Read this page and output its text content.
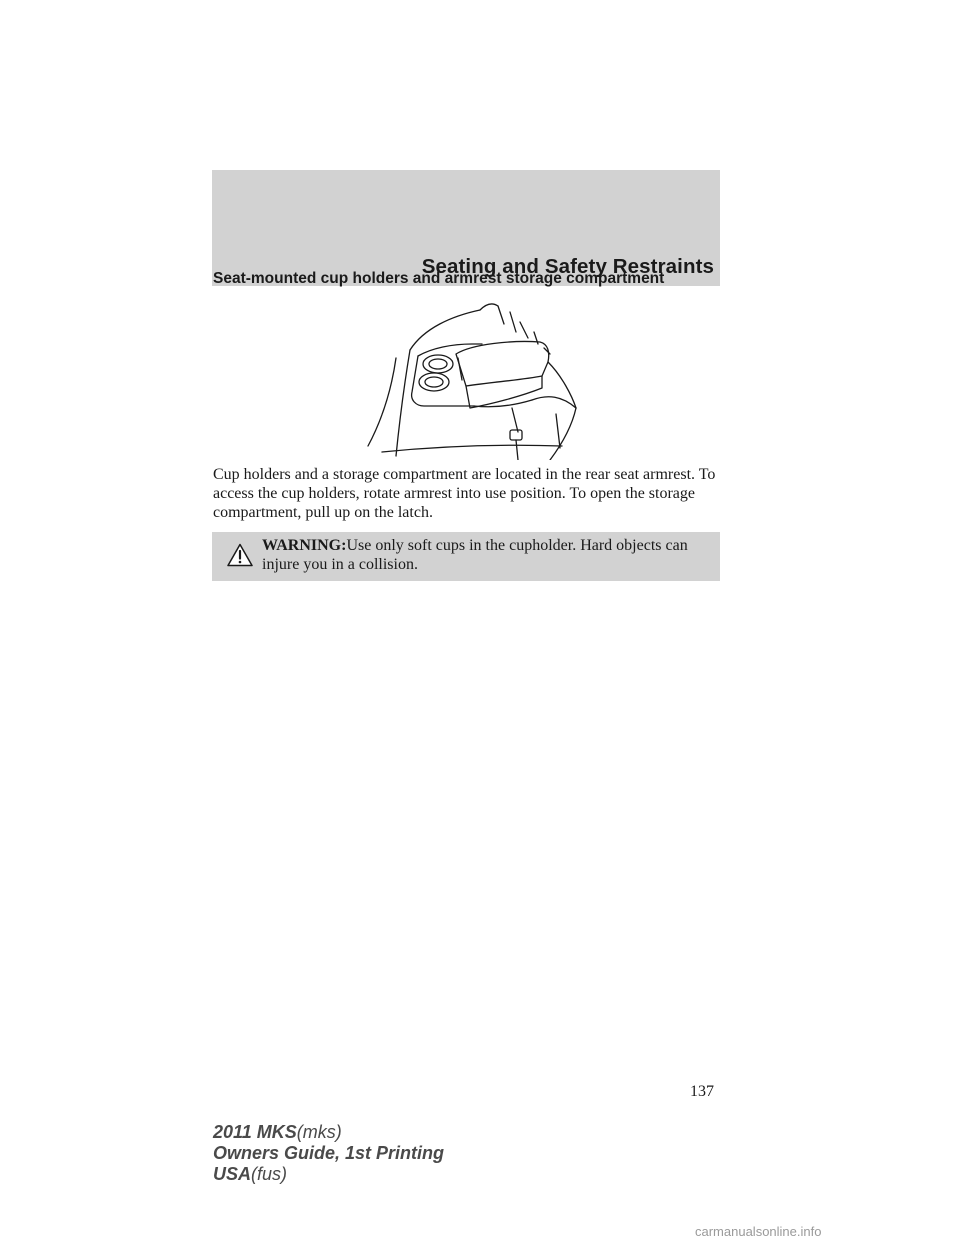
Seating and Safety Restraints
Seat-mounted cup holders and armrest storage compartment

Cup holders and a storage compartment are located in the rear seat armrest. To access the cup holders, rotate armrest into use position. To open the storage compartment, pull up on the latch.

WARNING:Use only soft cups in the cupholder. Hard objects can injure you in a collision.

137

2011 MKS(mks)
Owners Guide, 1st Printing
USA(fus)

carmanualsonline.info
